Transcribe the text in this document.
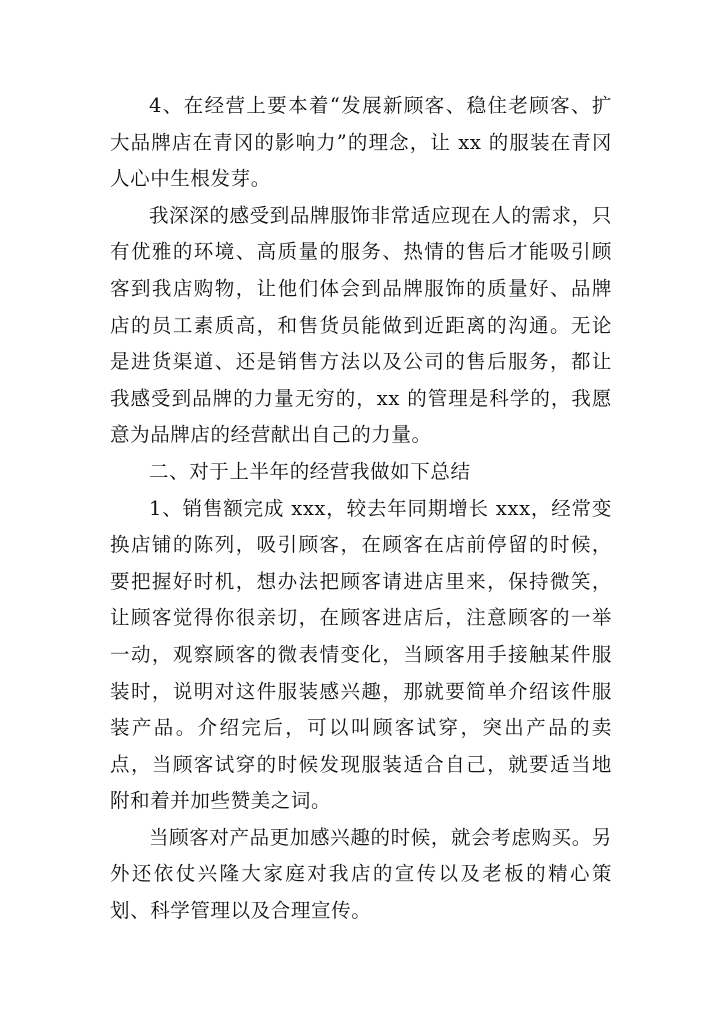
4、在经营上要本着“发展新顾客、稳住老顾客、扩大品牌店在青冈的影响力”的理念，让 xx 的服装在青冈人心中生根发芽。

我深深的感受到品牌服饰非常适应现在人的需求，只有优雅的环境、高质量的服务、热情的售后才能吸引顾客到我店购物，让他们体会到品牌服饰的质量好、品牌店的员工素质高，和售货员能做到近距离的沟通。无论是进货渠道、还是销售方法以及公司的售后服务，都让我感受到品牌的力量无穷的，xx 的管理是科学的，我愿意为品牌店的经营献出自己的力量。

二、对于上半年的经营我做如下总结

1、销售额完成 xxx，较去年同期增长 xxx，经常变换店铺的陈列，吸引顾客，在顾客在店前停留的时候，要把握好时机，想办法把顾客请进店里来，保持微笑，让顾客觉得你很亲切，在顾客进店后，注意顾客的一举一动，观察顾客的微表情变化，当顾客用手接触某件服装时，说明对这件服装感兴趣，那就要简单介绍该件服装产品。介绍完后，可以叫顾客试穿，突出产品的卖点，当顾客试穿的时候发现服装适合自己，就要适当地附和着并加些赞美之词。

当顾客对产品更加感兴趣的时候，就会考虑购买。另外还依仗兴隆大家庭对我店的宣传以及老板的精心策划、科学管理以及合理宣传。
